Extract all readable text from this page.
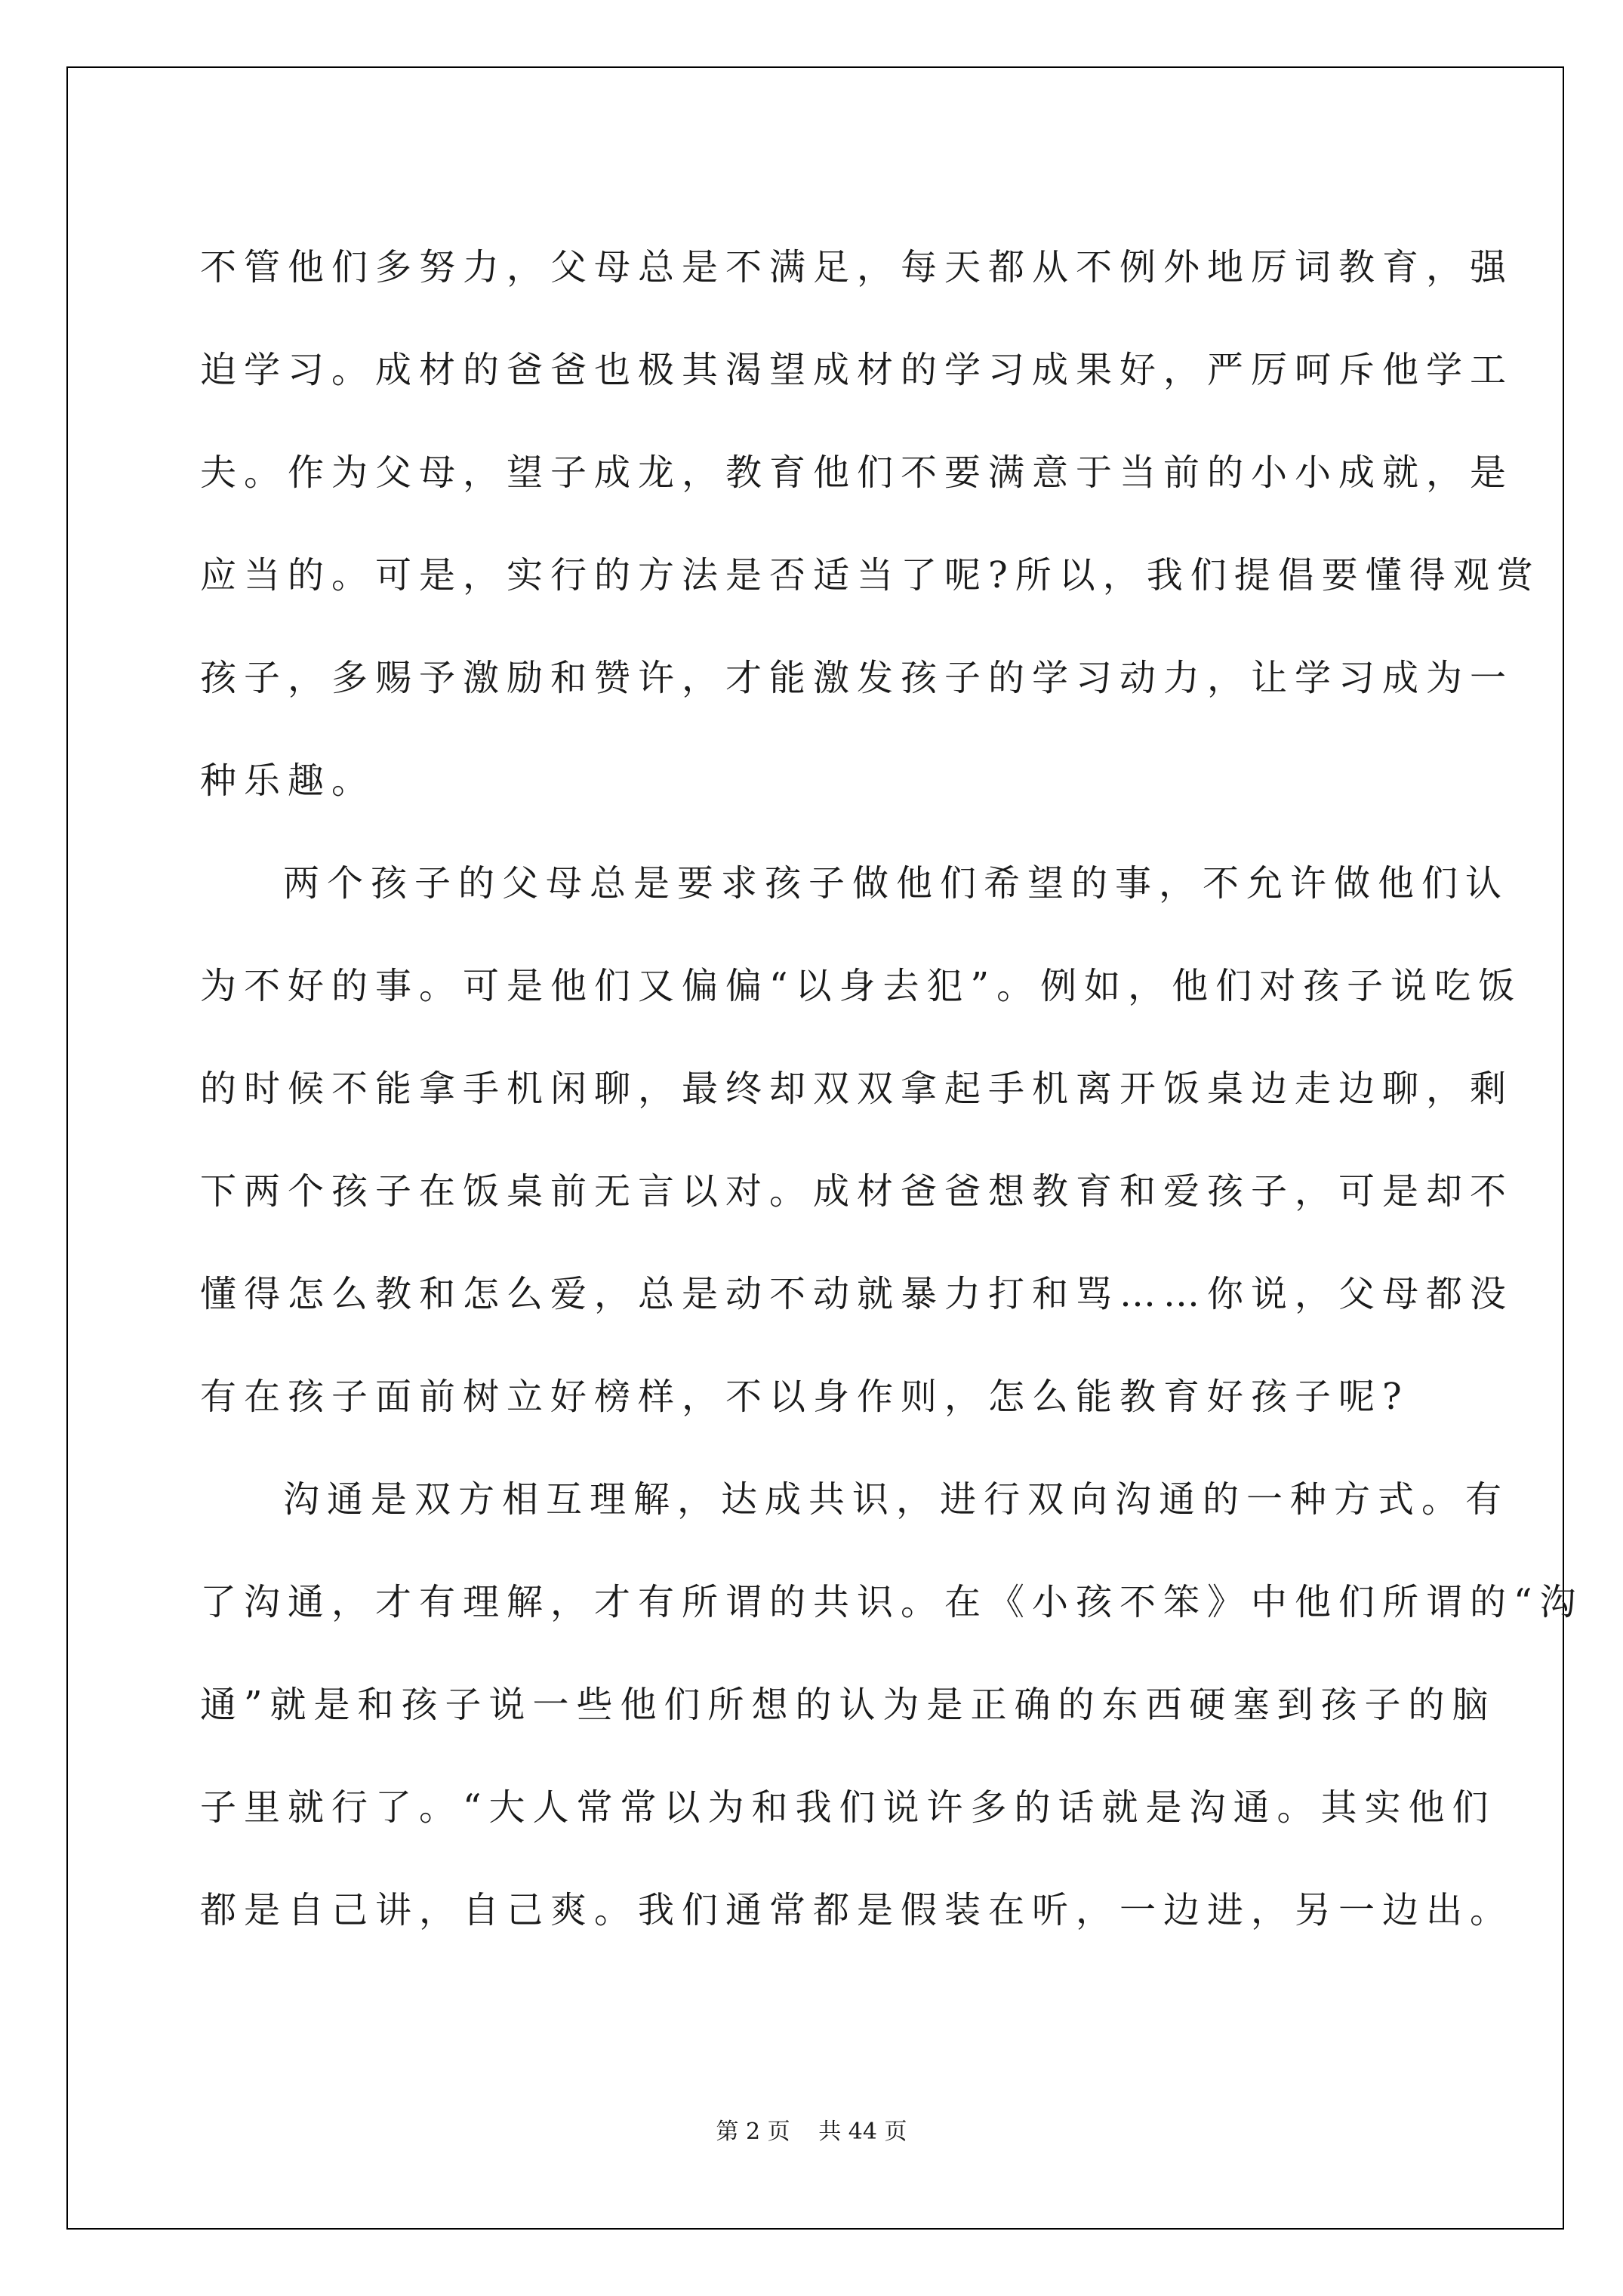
不管他们多努力，父母总是不满足，每天都从不例外地厉词教育，强
迫学习。成材的爸爸也极其渴望成材的学习成果好，严厉呵斥他学工
夫。作为父母，望子成龙，教育他们不要满意于当前的小小成就，是
应当的。可是，实行的方法是否适当了呢?所以，我们提倡要懂得观赏
孩子，多赐予激励和赞许，才能激发孩子的学习动力，让学习成为一
种乐趣。
两个孩子的父母总是要求孩子做他们希望的事，不允许做他们认
为不好的事。可是他们又偏偏“以身去犯”。例如，他们对孩子说吃饭
的时候不能拿手机闲聊，最终却双双拿起手机离开饭桌边走边聊，剩
下两个孩子在饭桌前无言以对。成材爸爸想教育和爱孩子，可是却不
懂得怎么教和怎么爱，总是动不动就暴力打和骂……你说，父母都没
有在孩子面前树立好榜样，不以身作则，怎么能教育好孩子呢?
沟通是双方相互理解，达成共识，进行双向沟通的一种方式。有
了沟通，才有理解，才有所谓的共识。在《小孩不笨》中他们所谓的“沟
通”就是和孩子说一些他们所想的认为是正确的东西硬塞到孩子的脑
子里就行了。“大人常常以为和我们说许多的话就是沟通。其实他们
都是自己讲，自己爽。我们通常都是假装在听，一边进，另一边出。
第 2 页 共 44 页
